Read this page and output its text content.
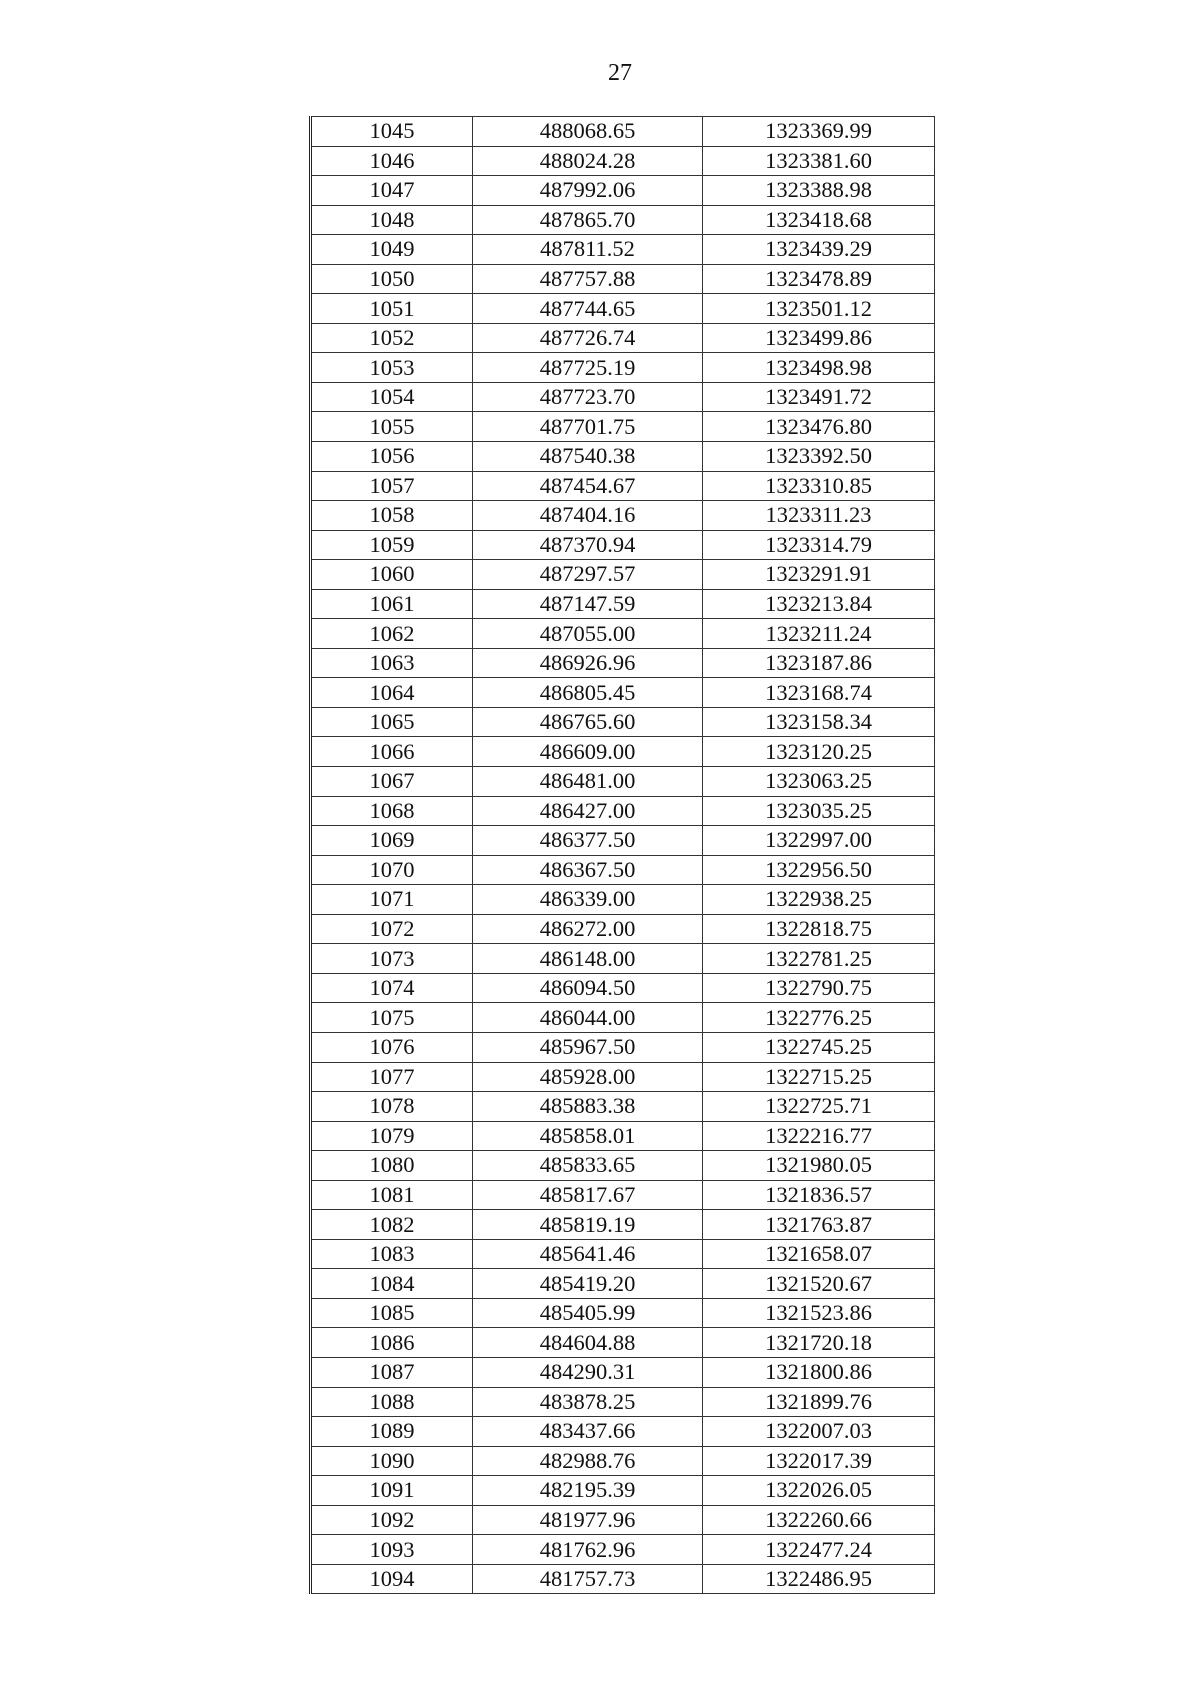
27
1045	488068.65	1323369.99
1046	488024.28	1323381.60
1047	487992.06	1323388.98
1048	487865.70	1323418.68
1049	487811.52	1323439.29
1050	487757.88	1323478.89
1051	487744.65	1323501.12
1052	487726.74	1323499.86
1053	487725.19	1323498.98
1054	487723.70	1323491.72
1055	487701.75	1323476.80
1056	487540.38	1323392.50
1057	487454.67	1323310.85
1058	487404.16	1323311.23
1059	487370.94	1323314.79
1060	487297.57	1323291.91
1061	487147.59	1323213.84
1062	487055.00	1323211.24
1063	486926.96	1323187.86
1064	486805.45	1323168.74
1065	486765.60	1323158.34
1066	486609.00	1323120.25
1067	486481.00	1323063.25
1068	486427.00	1323035.25
1069	486377.50	1322997.00
1070	486367.50	1322956.50
1071	486339.00	1322938.25
1072	486272.00	1322818.75
1073	486148.00	1322781.25
1074	486094.50	1322790.75
1075	486044.00	1322776.25
1076	485967.50	1322745.25
1077	485928.00	1322715.25
1078	485883.38	1322725.71
1079	485858.01	1322216.77
1080	485833.65	1321980.05
1081	485817.67	1321836.57
1082	485819.19	1321763.87
1083	485641.46	1321658.07
1084	485419.20	1321520.67
1085	485405.99	1321523.86
1086	484604.88	1321720.18
1087	484290.31	1321800.86
1088	483878.25	1321899.76
1089	483437.66	1322007.03
1090	482988.76	1322017.39
1091	482195.39	1322026.05
1092	481977.96	1322260.66
1093	481762.96	1322477.24
1094	481757.73	1322486.95
